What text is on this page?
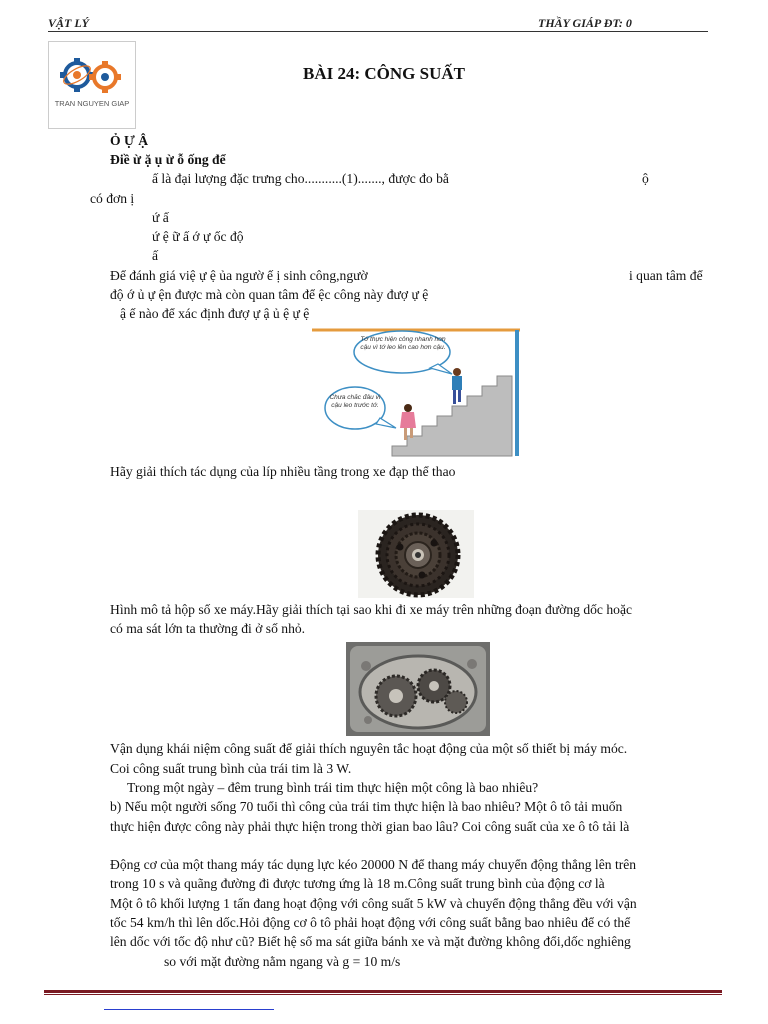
VẬT LÝ	THẦY GIÁP ĐT: 0
TRAN NGUYEN GIAP
BÀI 24: CÔNG SUẤT
Ỏ Ự Ậ
Điề ừ ặ ụ ừ ỗ ống để
ấ là đại lượng đặc trưng cho...........(1)......., được đo bằ	ộ
có đơn ị
ứ ấ
ứ ệ ữ ấ ớ ự ốc độ
ấ
Để đánh giá việ ự ệ ủa ngườ ế ị sinh công,ngườ	i quan tâm để
độ ớ ủ ự ện được mà còn quan tâm để ệc công này đượ ự ệ
ậ ế nào để xác định đượ ự ậ ủ ệ ự ệ
Tớ thực hiện công nhanh hơn cậu vì tớ leo lên cao hơn cậu.
Chưa chắc đâu vì cậu leo trước tớ.
Hãy giải thích tác dụng của líp nhiều tầng trong xe đạp thể thao
Hình mô tả hộp số xe máy.Hãy giải thích tại sao khi đi xe máy trên những đoạn đường dốc hoặc
có ma sát lớn ta thường đi ở số nhỏ.
Vận dụng khái niệm công suất để giải thích nguyên tắc hoạt động của một số thiết bị máy móc.
Coi công suất trung bình của trái tim là 3 W.
Trong một ngày – đêm trung bình trái tim thực hiện một công là bao nhiêu?
b) Nếu một người sống 70 tuổi thì công của trái tim thực hiện là bao nhiêu? Một ô tô tải muốn
thực hiện được công này phải thực hiện trong thời gian bao lâu? Coi công suất của xe ô tô tải là
Động cơ của một thang máy tác dụng lực kéo 20000 N để thang máy chuyển động thẳng lên trên
trong 10 s và quãng đường đi được tương ứng là 18 m.Công suất trung bình của động cơ là
Một ô tô khối lượng 1 tấn đang hoạt động với công suất 5 kW và chuyển động thẳng đều với vận
tốc 54 km/h thì lên dốc.Hỏi động cơ ô tô phải hoạt động với công suất bằng bao nhiêu để có thể
lên dốc với tốc độ như cũ? Biết hệ số ma sát giữa bánh xe và mặt đường không đổi,dốc nghiêng
so với mặt đường nằm ngang và g = 10 m/s
